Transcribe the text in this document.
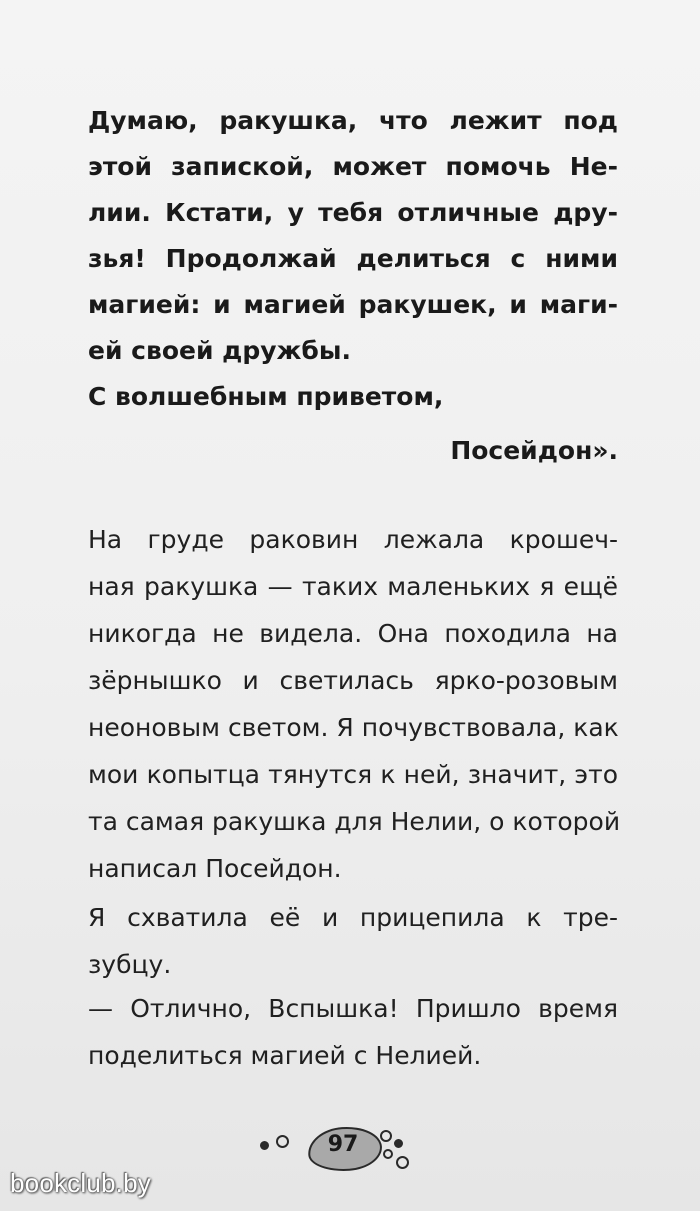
Думаю, ракушка, что лежит под
этой запиской, может помочь Не-
лии. Кстати, у тебя отличные дру-
зья! Продолжай делиться с ними
магией: и магией ракушек, и маги-
ей своей дружбы.
С волшебным приветом,
Посейдон».
На груде раковин лежала крошеч-
ная ракушка — таких маленьких я ещё
никогда не видела. Она походила на
зёрнышко и светилась ярко-розовым
неоновым светом. Я почувствовала, как
мои копытца тянутся к ней, значит, это
та самая ракушка для Нелии, о которой
написал Посейдон.
Я схватила её и прицепила к тре-
зубцу.
— Отлично, Вспышка! Пришло время
поделиться магией с Нелией.
97
bookclub.by
